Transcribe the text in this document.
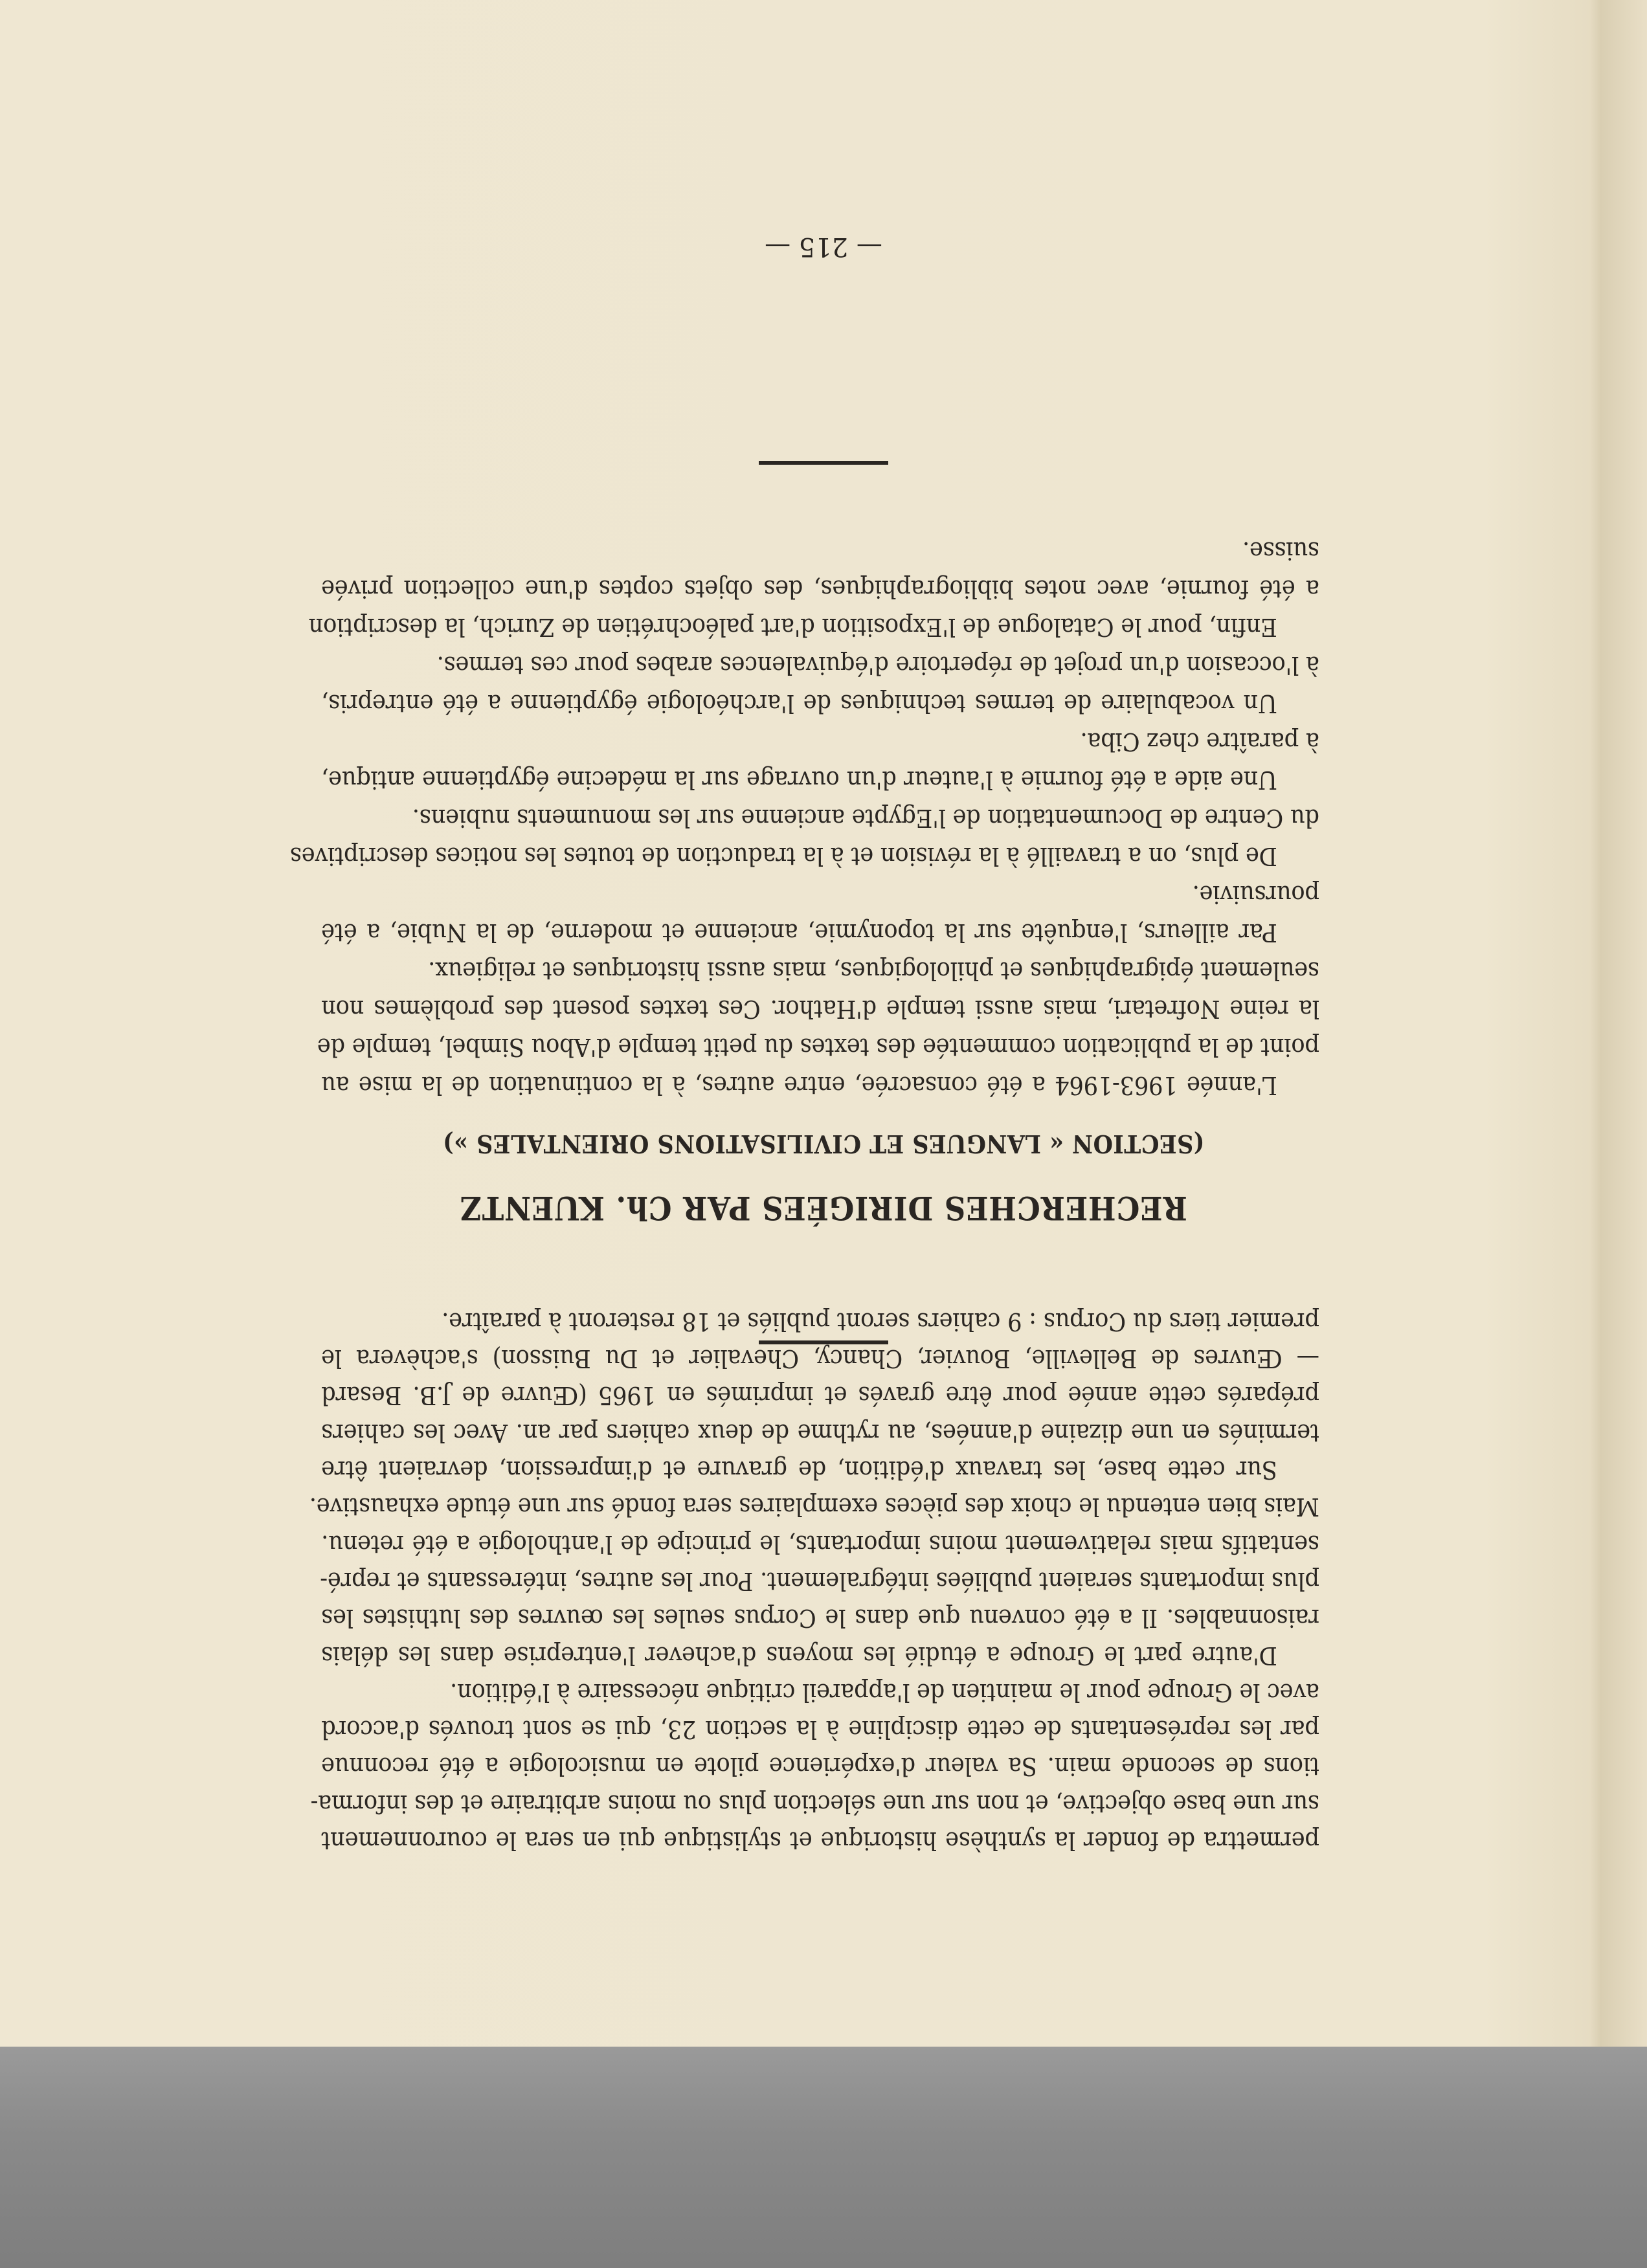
permettra de fonder la synthèse historique et stylistique qui en sera le couronnement
sur une base objective, et non sur une sélection plus ou moins arbitraire et des informa-
tions de seconde main. Sa valeur d'expérience pilote en musicologie a été reconnue
par les représentants de cette discipline à la section 23, qui se sont trouvés d'accord
avec le Groupe pour le maintien de l'appareil critique nécessaire à l'édition.
D'autre part le Groupe a étudié les moyens d'achever l'entreprise dans les délais
raisonnables. Il a été convenu que dans le Corpus seules les œuvres des luthistes les
plus importants seraient publiées intégralement. Pour les autres, intéressants et repré-
sentatifs mais relativement moins importants, le principe de l'anthologie a été retenu.
Mais bien entendu le choix des pièces exemplaires sera fondé sur une étude exhaustive.
Sur cette base, les travaux d'édition, de gravure et d'impression, devraient être
terminés en une dizaine d'années, au rythme de deux cahiers par an. Avec les cahiers
préparés cette année pour être gravés et imprimés en 1965 (Œuvre de J.B. Besard
— Œuvres de Belleville, Bouvier, Chancy, Chevalier et Du Buisson) s'achèvera le
premier tiers du Corpus : 9 cahiers seront publiés et 18 resteront à paraître.
RECHERCHES DIRIGÉES PAR Ch. KUENTZ
(SECTION « LANGUES ET CIVILISATIONS ORIENTALES »)
L'année 1963-1964 a été consacrée, entre autres, à la continuation de la mise au
point de la publication commentée des textes du petit temple d'Abou Simbel, temple de
la reine Nofretari, mais aussi temple d'Hathor. Ces textes posent des problèmes non
seulement épigraphiques et philologiques, mais aussi historiques et religieux.
Par ailleurs, l'enquête sur la toponymie, ancienne et moderne, de la Nubie, a été
poursuivie.
De plus, on a travaillé à la révision et à la traduction de toutes les notices descriptives
du Centre de Documentation de l'Egypte ancienne sur les monuments nubiens.
Une aide a été fournie à l'auteur d'un ouvrage sur la médecine égyptienne antique,
à paraître chez Ciba.
Un vocabulaire de termes techniques de l'archéologie égyptienne a été entrepris,
à l'occasion d'un projet de répertoire d'équivalences arabes pour ces termes.
Enfin, pour le Catalogue de l'Exposition d'art paléochrétien de Zurich, la description
a été fournie, avec notes bibliographiques, des objets coptes d'une collection privée
suisse.
— 215 —
